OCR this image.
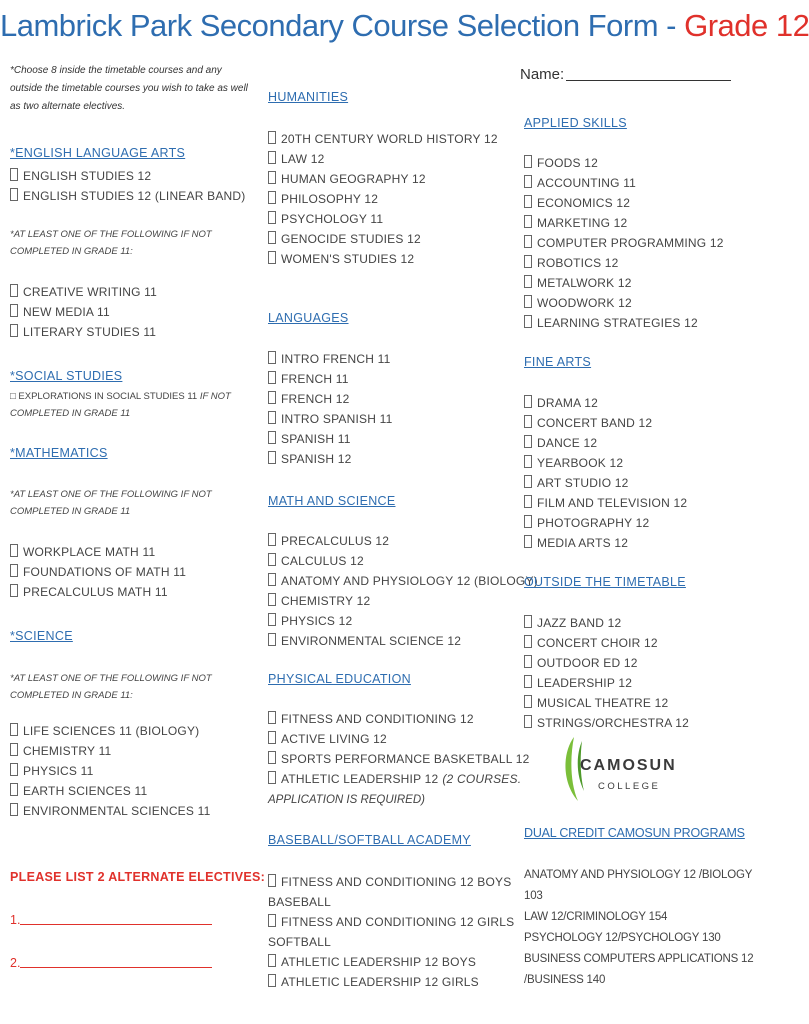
Lambrick Park Secondary Course Selection Form - Grade 12
*Choose 8 inside the timetable courses and any outside the timetable courses you wish to take as well as two alternate electives.
Name:
*ENGLISH LANGUAGE ARTS
ENGLISH STUDIES 12
ENGLISH STUDIES 12 (LINEAR BAND)
*AT LEAST ONE OF THE FOLLOWING IF NOT COMPLETED IN GRADE 11:
CREATIVE WRITING 11
NEW MEDIA 11
LITERARY STUDIES 11
*SOCIAL STUDIES
□ EXPLORATIONS IN SOCIAL STUDIES 11 IF NOT COMPLETED IN GRADE 11
*MATHEMATICS
*AT LEAST ONE OF THE FOLLOWING IF NOT COMPLETED IN GRADE 11
WORKPLACE MATH 11
FOUNDATIONS OF MATH 11
PRECALCULUS MATH 11
*SCIENCE
*AT LEAST ONE OF THE FOLLOWING IF NOT COMPLETED IN GRADE 11:
LIFE SCIENCES 11 (BIOLOGY)
CHEMISTRY 11
PHYSICS 11
EARTH SCIENCES 11
ENVIRONMENTAL SCIENCES 11
PLEASE LIST 2 ALTERNATE ELECTIVES:
1.
2.
HUMANITIES
20TH CENTURY WORLD HISTORY 12
LAW 12
HUMAN GEOGRAPHY 12
PHILOSOPHY 12
PSYCHOLOGY 11
GENOCIDE STUDIES 12
WOMEN'S STUDIES 12
LANGUAGES
INTRO FRENCH 11
FRENCH 11
FRENCH 12
INTRO SPANISH 11
SPANISH 11
SPANISH 12
MATH AND SCIENCE
PRECALCULUS 12
CALCULUS 12
ANATOMY AND PHYSIOLOGY 12 (BIOLOGY)
CHEMISTRY 12
PHYSICS 12
ENVIRONMENTAL SCIENCE 12
PHYSICAL EDUCATION
FITNESS AND CONDITIONING 12
ACTIVE LIVING 12
SPORTS PERFORMANCE BASKETBALL 12
ATHLETIC LEADERSHIP 12 (2 COURSES.
APPLICATION IS REQUIRED)
BASEBALL/SOFTBALL ACADEMY
FITNESS AND CONDITIONING 12 BOYS
BASEBALL
FITNESS AND CONDITIONING 12 GIRLS
SOFTBALL
ATHLETIC LEADERSHIP 12 BOYS
ATHLETIC LEADERSHIP 12 GIRLS
APPLIED SKILLS
FOODS 12
ACCOUNTING 11
ECONOMICS 12
MARKETING 12
COMPUTER PROGRAMMING 12
ROBOTICS 12
METALWORK 12
WOODWORK 12
LEARNING STRATEGIES 12
FINE ARTS
DRAMA 12
CONCERT BAND 12
DANCE 12
YEARBOOK 12
ART STUDIO 12
FILM AND TELEVISION 12
PHOTOGRAPHY 12
MEDIA ARTS 12
OUTSIDE THE TIMETABLE
JAZZ BAND 12
CONCERT CHOIR 12
OUTDOOR ED 12
LEADERSHIP 12
MUSICAL THEATRE 12
STRINGS/ORCHESTRA 12
CAMOSUN
COLLEGE
DUAL CREDIT CAMOSUN PROGRAMS
ANATOMY AND PHYSIOLOGY 12 /BIOLOGY 103
LAW 12/CRIMINOLOGY 154
PSYCHOLOGY 12/PSYCHOLOGY 130
BUSINESS COMPUTERS APPLICATIONS 12 /BUSINESS 140
